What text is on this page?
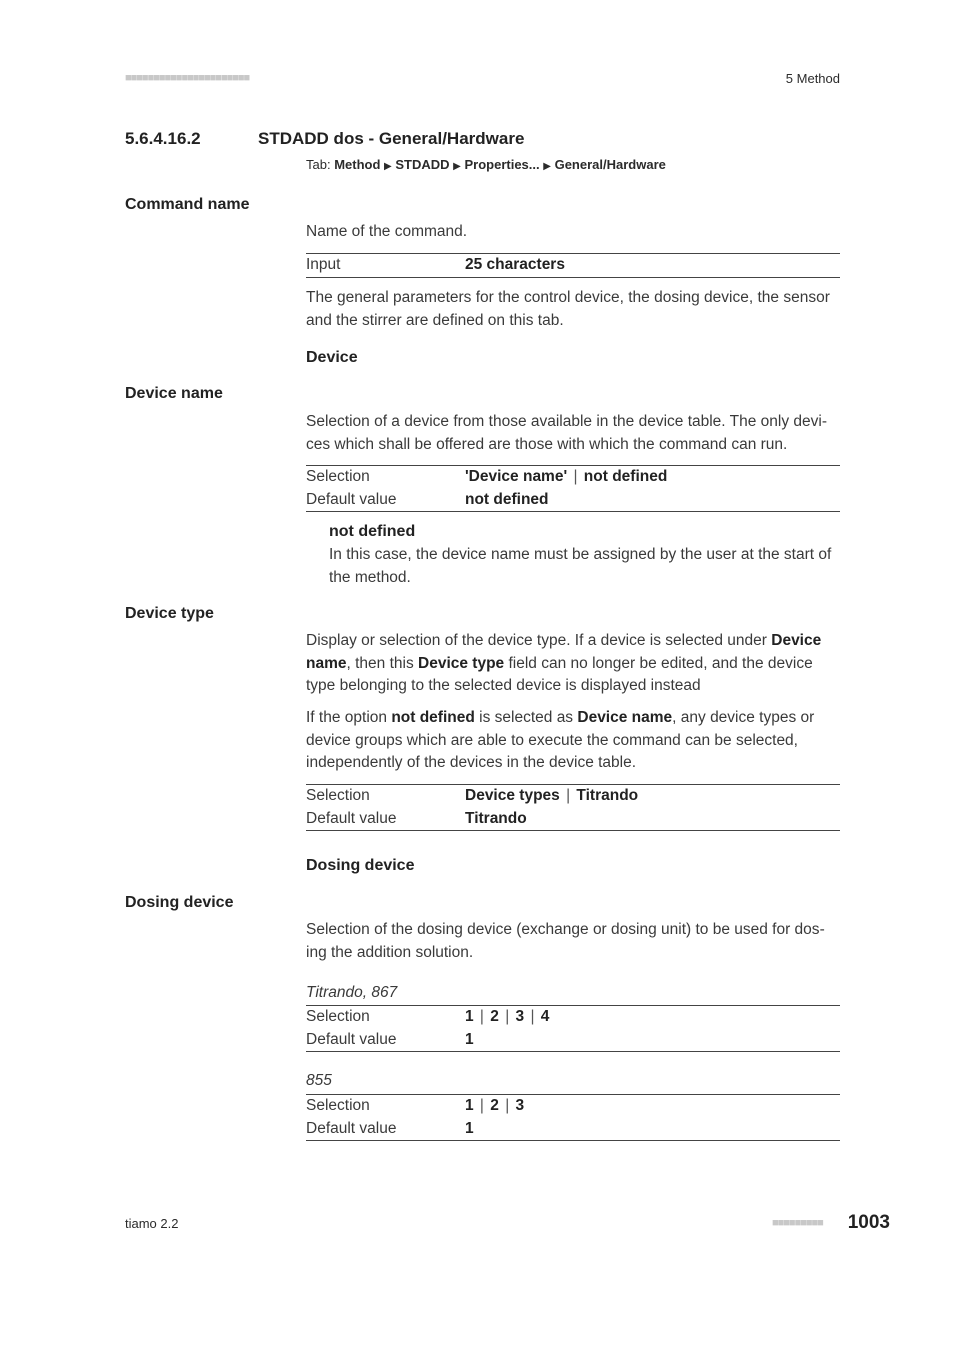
■■■■■■■■■■■■■■■■■■■■■■	5 Method
5.6.4.16.2	STDADD dos - General/Hardware
Tab: Method ▶ STDADD ▶ Properties... ▶ General/Hardware
Command name
Name of the command.
Input	25 characters
The general parameters for the control device, the dosing device, the sensor and the stirrer are defined on this tab.
Device
Device name
Selection of a device from those available in the device table. The only devices which shall be offered are those with which the command can run.
Selection	'Device name' | not defined
Default value	not defined
not defined
In this case, the device name must be assigned by the user at the start of the method.
Device type
Display or selection of the device type. If a device is selected under Device name, then this Device type field can no longer be edited, and the device type belonging to the selected device is displayed instead
If the option not defined is selected as Device name, any device types or device groups which are able to execute the command can be selected, independently of the devices in the device table.
Selection	Device types | Titrando
Default value	Titrando
Dosing device
Dosing device
Selection of the dosing device (exchange or dosing unit) to be used for dosing the addition solution.
Titrando, 867
Selection	1 | 2 | 3 | 4
Default value	1
855
Selection	1 | 2 | 3
Default value	1
tiamo 2.2	■■■■■■■■■ 1003
